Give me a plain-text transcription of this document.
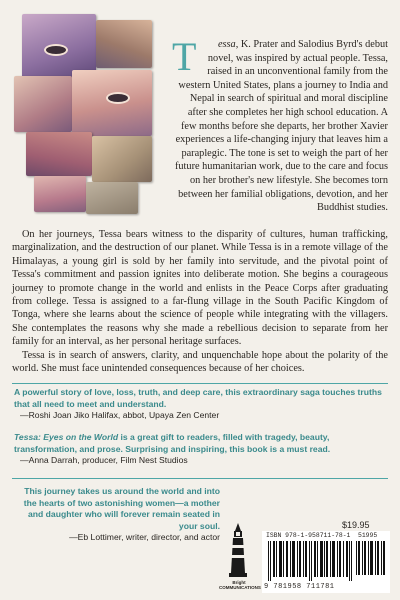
T essa, K. Prater and Salodius Byrd's debut novel, was inspired by actual people. Tessa, raised in an unconventional family from the western United States, plans a journey to India and Nepal in search of spiritual and moral discipline after she completes her high school education. A few months before she departs, her brother Xavier experiences a life-changing injury that leaves him a paraplegic. The tone is set to weigh the part of her future humanitarian work, due to the care and focus on her brother's new lifestyle. She becomes torn between her familial obligations, devotion, and her Buddhist studies.

On her journeys, Tessa bears witness to the disparity of cultures, human trafficking, marginalization, and the destruction of our planet. While Tessa is in a remote village of the Himalayas, a young girl is sold by her family into servitude, and the pivotal point of Tessa's commitment and passion ignites into deliberate motion. She begins a courageous journey to promote change in the world and enlists in the Peace Corps after graduating from college. Tessa is assigned to a far-flung village in the South Pacific Kingdom of Tonga, where she learns about the science of people while integrating with the villagers. She contemplates the reasons why she made a rebellious decision to separate from her family for an interval, as her personal heritage surfaces.

Tessa is in search of answers, clarity, and unquenchable hope about the polarity of the world. She must face unintended consequences because of her choices.

A powerful story of love, loss, truth, and deep care, this extraordinary saga touches truths that all need to meet and understand.
—Roshi Joan Jiko Halifax, abbot, Upaya Zen Center

Tessa: Eyes on the World is a great gift to readers, filled with tragedy, beauty, transformation, and prose. Surprising and inspiring, this book is a must read.
—Anna Darrah, producer, Film Nest Studios

This journey takes us around the world and into the hearts of two astonishing women—a mother and daughter who will forever remain seated in your soul.
—Eb Lottimer, writer, director, and actor

Bright
COMMUNICATIONS
$19.95
ISBN 978-1-958711-78-1 51995
9 781958 711781
